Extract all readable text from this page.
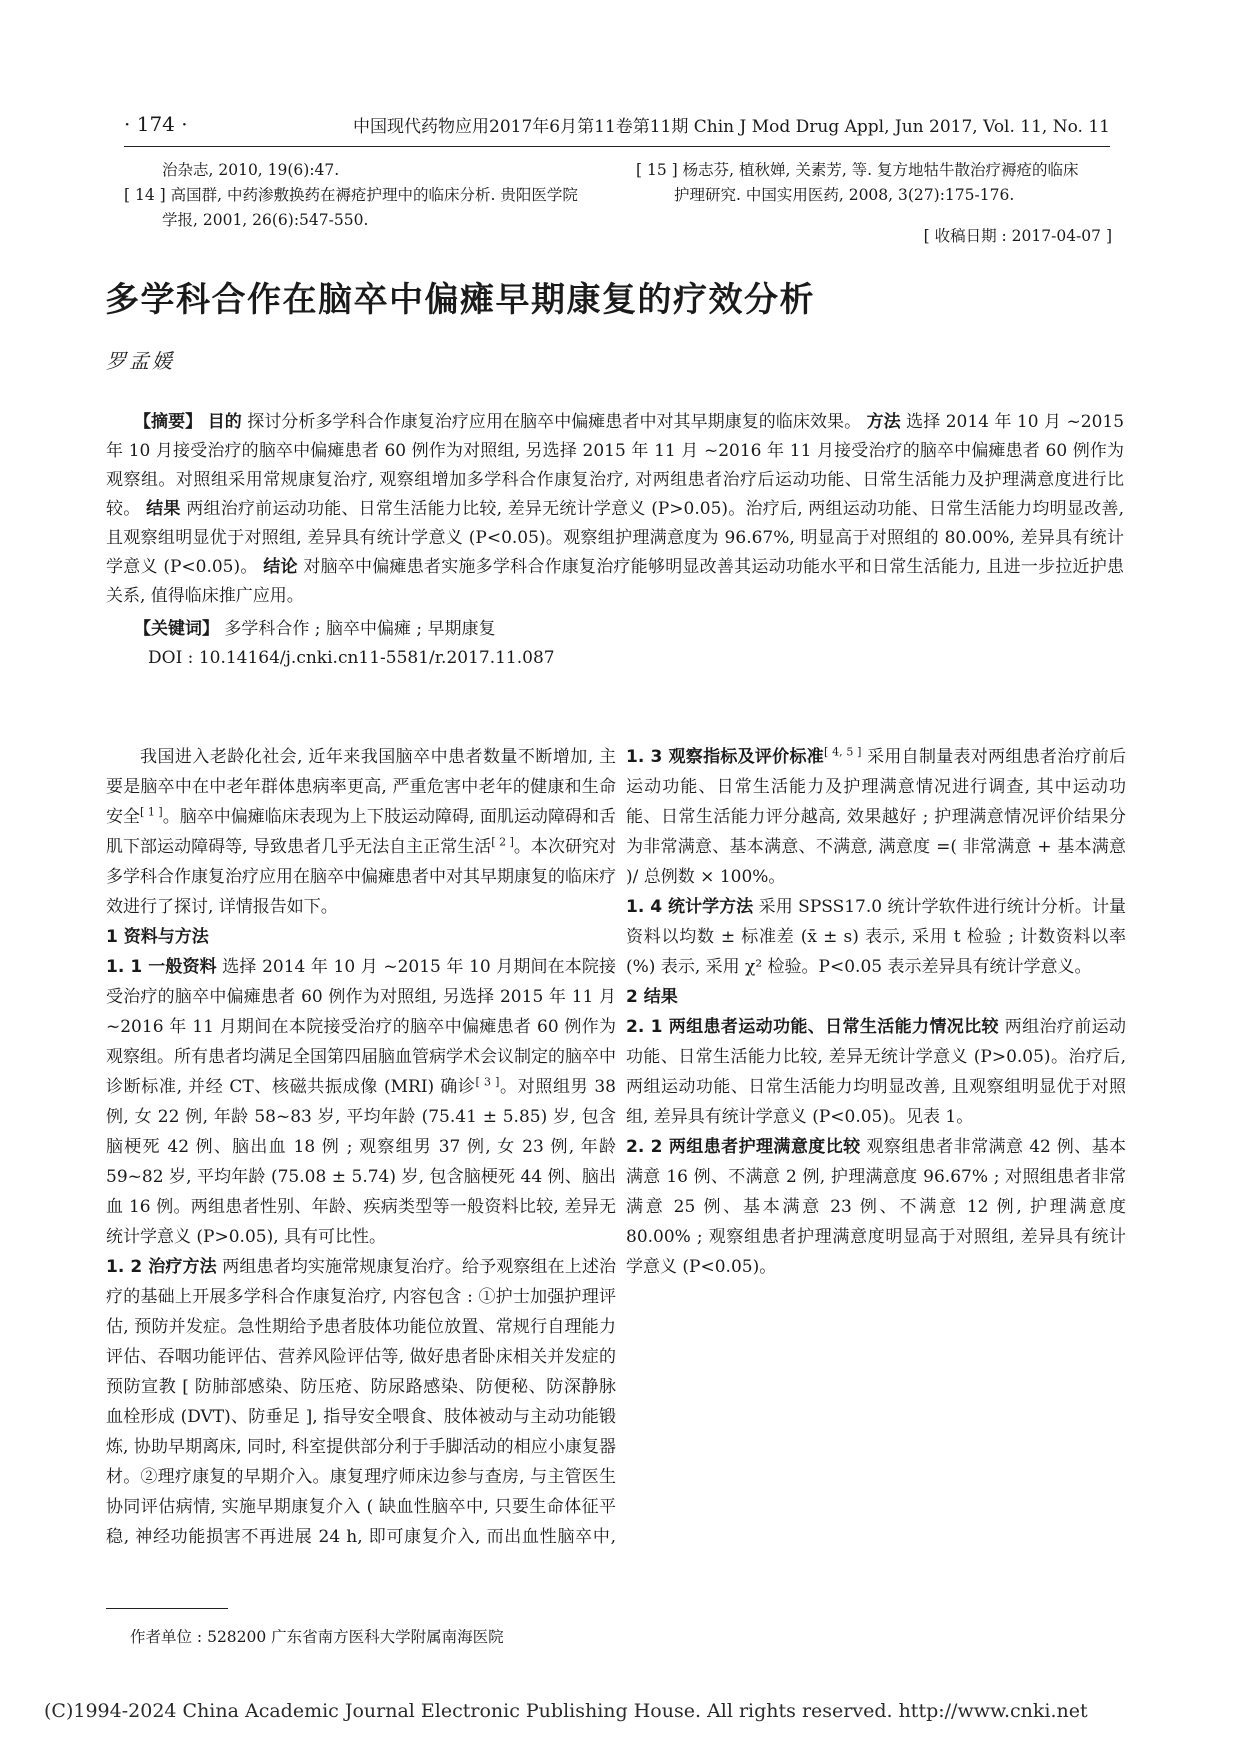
· 174 ·	中国现代药物应用2017年6月第11卷第11期 Chin J Mod Drug Appl, Jun 2017, Vol. 11, No. 11

治杂志, 2010, 19(6):47.

[ 14 ] 高国群, 中药渗敷换药在褥疮护理中的临床分析. 贵阳医学院

学报, 2001, 26(6):547-550.

[ 15 ] 杨志芬, 植秋婵, 关素芳, 等. 复方地牯牛散治疗褥疮的临床

护理研究. 中国实用医药, 2008, 3(27):175-176.

[ 收稿日期 : 2017-04-07 ]

多学科合作在脑卒中偏瘫早期康复的疗效分析
罗孟媛

【摘要】 目的 探讨分析多学科合作康复治疗应用在脑卒中偏瘫患者中对其早期康复的临床效果。 方法 选择 2014 年 10 月 ~2015 年 10 月接受治疗的脑卒中偏瘫患者 60 例作为对照组, 另选择 2015 年 11 月 ~2016 年 11 月接受治疗的脑卒中偏瘫患者 60 例作为观察组。对照组采用常规康复治疗, 观察组增加多学科合作康复治疗, 对两组患者治疗后运动功能、日常生活能力及护理满意度进行比较。 结果 两组治疗前运动功能、日常生活能力比较, 差异无统计学意义 (P>0.05)。治疗后, 两组运动功能、日常生活能力均明显改善, 且观察组明显优于对照组, 差异具有统计学意义 (P<0.05)。观察组护理满意度为 96.67%, 明显高于对照组的 80.00%, 差异具有统计学意义 (P<0.05)。 结论 对脑卒中偏瘫患者实施多学科合作康复治疗能够明显改善其运动功能水平和日常生活能力, 且进一步拉近护患关系, 值得临床推广应用。

【关键词】 多学科合作 ; 脑卒中偏瘫 ; 早期康复

DOI : 10.14164/j.cnki.cn11-5581/r.2017.11.087

我国进入老龄化社会, 近年来我国脑卒中患者数量不断增加, 主要是脑卒中在中老年群体患病率更高, 严重危害中老年的健康和生命安全[ 1 ]。脑卒中偏瘫临床表现为上下肢运动障碍, 面肌运动障碍和舌肌下部运动障碍等, 导致患者几乎无法自主正常生活[ 2 ]。本次研究对多学科合作康复治疗应用在脑卒中偏瘫患者中对其早期康复的临床疗效进行了探讨, 详情报告如下。

1 资料与方法

1. 1 一般资料 选择 2014 年 10 月 ~2015 年 10 月期间在本院接受治疗的脑卒中偏瘫患者 60 例作为对照组, 另选择 2015 年 11 月 ~2016 年 11 月期间在本院接受治疗的脑卒中偏瘫患者 60 例作为观察组。所有患者均满足全国第四届脑血管病学术会议制定的脑卒中诊断标准, 并经 CT、核磁共振成像 (MRI) 确诊[ 3 ]。对照组男 38 例, 女 22 例, 年龄 58~83 岁, 平均年龄 (75.41 ± 5.85) 岁, 包含脑梗死 42 例、脑出血 18 例 ; 观察组男 37 例, 女 23 例, 年龄 59~82 岁, 平均年龄 (75.08 ± 5.74) 岁, 包含脑梗死 44 例、脑出血 16 例。两组患者性别、年龄、疾病类型等一般资料比较, 差异无统计学意义 (P>0.05), 具有可比性。

1. 2 治疗方法 两组患者均实施常规康复治疗。给予观察组在上述治疗的基础上开展多学科合作康复治疗, 内容包含 : ①护士加强护理评估, 预防并发症。急性期给予患者肢体功能位放置、常规行自理能力评估、吞咽功能评估、营养风险评估等, 做好患者卧床相关并发症的预防宣教 [ 防肺部感染、防压疮、防尿路感染、防便秘、防深静脉血栓形成 (DVT)、防垂足 ], 指导安全喂食、肢体被动与主动功能锻炼, 协助早期离床, 同时, 科室提供部分利于手脚活动的相应小康复器材。②理疗康复的早期介入。康复理疗师床边参与查房, 与主管医生协同评估病情, 实施早期康复介入 ( 缺血性脑卒中, 只要生命体征平稳, 神经功能损害不再进展 24 h, 即可康复介入, 而出血性脑卒中,

1. 3 观察指标及评价标准[ 4, 5 ] 采用自制量表对两组患者治疗前后运动功能、日常生活能力及护理满意情况进行调查, 其中运动功能、日常生活能力评分越高, 效果越好 ; 护理满意情况评价结果分为非常满意、基本满意、不满意, 满意度 =( 非常满意 + 基本满意 )/ 总例数 × 100%。

1. 4 统计学方法 采用 SPSS17.0 统计学软件进行统计分析。计量资料以均数 ± 标准差 (x̄ ± s) 表示, 采用 t 检验 ; 计数资料以率 (%) 表示, 采用 χ² 检验。P<0.05 表示差异具有统计学意义。

2 结果

2. 1 两组患者运动功能、日常生活能力情况比较 两组治疗前运动功能、日常生活能力比较, 差异无统计学意义 (P>0.05)。治疗后, 两组运动功能、日常生活能力均明显改善, 且观察组明显优于对照组, 差异具有统计学意义 (P<0.05)。见表 1。

2. 2 两组患者护理满意度比较 观察组患者非常满意 42 例、基本满意 16 例、不满意 2 例, 护理满意度 96.67% ; 对照组患者非常满意 25 例、基本满意 23 例、不满意 12 例, 护理满意度 80.00% ; 观察组患者护理满意度明显高于对照组, 差异具有统计学意义 (P<0.05)。

作者单位 : 528200 广东省南方医科大学附属南海医院
(C)1994-2024 China Academic Journal Electronic Publishing House. All rights reserved. http://www.cnki.net
